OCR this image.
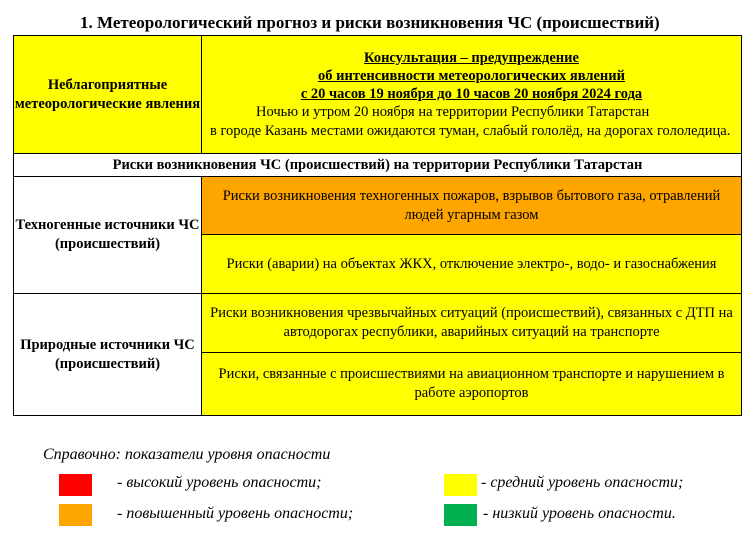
1. Метеорологический прогноз и риски возникновения ЧС (происшествий)
Неблагоприятные метеорологические явления	Консультация – предупреждение
об интенсивности метеорологических явлений
с 20 часов 19 ноября до 10 часов 20 ноября 2024 года
Ночью и утром 20 ноября на территории Республики Татарстан
в городе Казань местами ожидаются туман, слабый гололёд, на дорогах гололедица.

Риски возникновения ЧС (происшествий) на территории Республики Татарстан	
Техногенные источники ЧС (происшествий)	Риски возникновения техногенных пожаров, взрывов бытового газа, отравлений людей угарным газом

	Риски (аварии) на объектах ЖКХ, отключение электро-, водо- и газоснабжения

Природные источники ЧС (происшествий)	Риски возникновения чрезвычайных ситуаций (происшествий), связанных с ДТП на автодорогах республики, аварийных ситуаций на транспорте

	Риски, связанные с происшествиями на авиационном транспорте и нарушением в работе аэропортов
Справочно: показатели уровня опасности
- высокий уровень опасности;
- повышенный уровень опасности;
- средний уровень опасности;
- низкий уровень опасности.
